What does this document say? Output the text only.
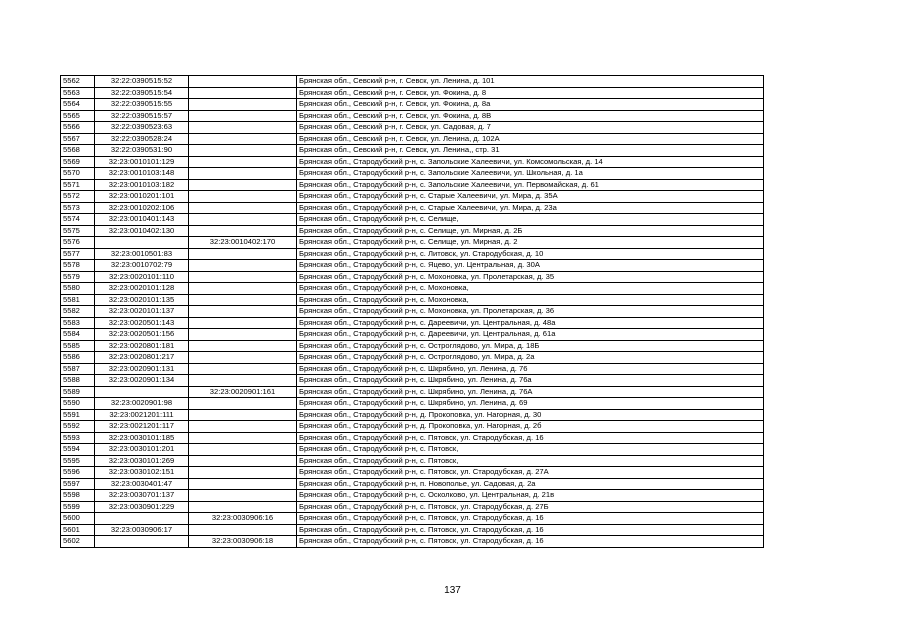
5562	32:22:0390515:52		Брянская обл., Севский р-н, г. Севск, ул. Ленина, д. 101
5563	32:22:0390515:54		Брянская обл., Севский р-н, г. Севск, ул. Фокина, д. 8
5564	32:22:0390515:55		Брянская обл., Севский р-н, г. Севск, ул. Фокина, д. 8а
5565	32:22:0390515:57		Брянская обл., Севский р-н, г. Севск, ул. Фокина, д. 8В
5566	32:22:0390523:63		Брянская обл., Севский р-н, г. Севск, ул. Садовая, д. 7
5567	32:22:0390528:24		Брянская обл., Севский р-н, г. Севск, ул. Ленина, д. 102А
5568	32:22:0390531:90		Брянская обл., Севский р-н, г. Севск, ул. Ленина,, стр. 31
5569	32:23:0010101:129		Брянская обл., Стародубский р-н, с. Запольские Халеевичи, ул. Комсомольская, д. 14
5570	32:23:0010103:148		Брянская обл., Стародубский р-н, с. Запольские Халеевичи, ул. Школьная, д. 1а
5571	32:23:0010103:182		Брянская обл., Стародубский р-н, с. Запольские Халеевичи, ул. Первомайская, д. 61
5572	32:23:0010201:101		Брянская обл., Стародубский р-н, с. Старые Халеевичи, ул. Мира, д. 35А
5573	32:23:0010202:106		Брянская обл., Стародубский р-н, с. Старые Халеевичи, ул. Мира, д. 23а
5574	32:23:0010401:143		Брянская обл., Стародубский р-н, с. Селище,
5575	32:23:0010402:130		Брянская обл., Стародубский р-н, с. Селище, ул. Мирная, д. 2Б
5576		32:23:0010402:170	Брянская обл., Стародубский р-н, с. Селище, ул. Мирная, д. 2
5577	32:23:0010501:83		Брянская обл., Стародубский р-н, с. Литовск, ул. Стародубская, д. 10
5578	32:23:0010702:79		Брянская обл., Стародубский р-н, с. Яцево, ул. Центральная, д. 30А
5579	32:23:0020101:110		Брянская обл., Стародубский р-н, с. Мохоновка, ул. Пролетарская, д. 35
5580	32:23:0020101:128		Брянская обл., Стародубский р-н, с. Мохоновка,
5581	32:23:0020101:135		Брянская обл., Стародубский р-н, с. Мохоновка,
5582	32:23:0020101:137		Брянская обл., Стародубский р-н, с. Мохоновка, ул. Пролетарская, д. 36
5583	32:23:0020501:143		Брянская обл., Стародубский р-н, с. Дареевичи, ул. Центральная, д. 48а
5584	32:23:0020501:156		Брянская обл., Стародубский р-н, с. Дареевичи, ул. Центральная, д. 61а
5585	32:23:0020801:181		Брянская обл., Стародубский р-н, с. Остроглядово, ул. Мира, д. 18Б
5586	32:23:0020801:217		Брянская обл., Стародубский р-н, с. Остроглядово, ул. Мира, д. 2а
5587	32:23:0020901:131		Брянская обл., Стародубский р-н, с. Шкрябино, ул. Ленина, д. 76
5588	32:23:0020901:134		Брянская обл., Стародубский р-н, с. Шкрябино, ул. Ленина, д. 76а
5589		32:23:0020901:161	Брянская обл., Стародубский р-н, с. Шкрябино, ул. Ленина, д. 76А
5590	32:23:0020901:98		Брянская обл., Стародубский р-н, с. Шкрябино, ул. Ленина, д. 69
5591	32:23:0021201:111		Брянская обл., Стародубский р-н, д. Прокоповка, ул. Нагорная, д. 30
5592	32:23:0021201:117		Брянская обл., Стародубский р-н, д. Прокоповка, ул. Нагорная, д. 2б
5593	32:23:0030101:185		Брянская обл., Стародубский р-н, с. Пятовск, ул. Стародубская, д. 16
5594	32:23:0030101:201		Брянская обл., Стародубский р-н, с. Пятовск,
5595	32:23:0030101:269		Брянская обл., Стародубский р-н, с. Пятовск,
5596	32:23:0030102:151		Брянская обл., Стародубский р-н, с. Пятовск, ул. Стародубская, д. 27А
5597	32:23:0030401:47		Брянская обл., Стародубский р-н, п. Новополье, ул. Садовая, д. 2а
5598	32:23:0030701:137		Брянская обл., Стародубский р-н, с. Осколково, ул. Центральная, д. 21в
5599	32:23:0030901:229		Брянская обл., Стародубский р-н, с. Пятовск, ул. Стародубская, д. 27Б
5600		32:23:0030906:16	Брянская обл., Стародубский р-н, с. Пятовск, ул. Стародубская, д. 16
5601	32:23:0030906:17		Брянская обл., Стародубский р-н, с. Пятовск, ул. Стародубская, д. 16
5602		32:23:0030906:18	Брянская обл., Стародубский р-н, с. Пятовск, ул. Стародубская, д. 16
137
